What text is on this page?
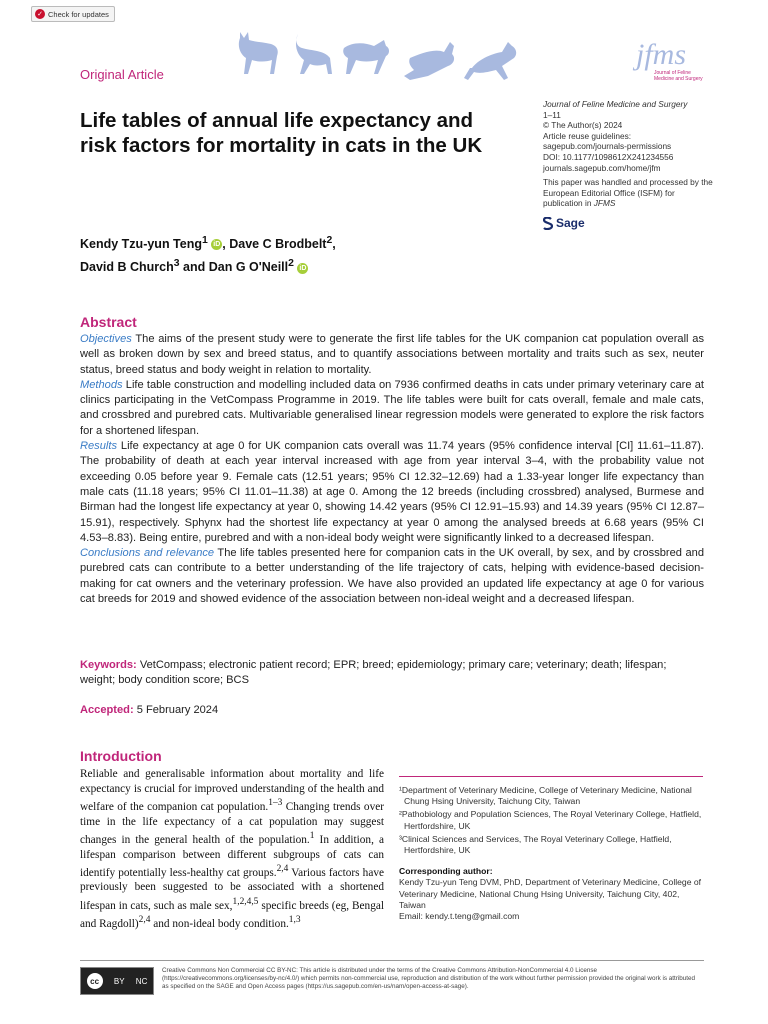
✓ Check for updates
Original Article
jfms
Journal of Feline Medicine and Surgery
Life tables of annual life expectancy and risk factors for mortality in cats in the UK
Journal of Feline Medicine and Surgery
1–11
© The Author(s) 2024
Article reuse guidelines:
sagepub.com/journals-permissions
DOI: 10.1177/1098612X241234556
journals.sagepub.com/home/jfm
This paper was handled and processed by the European Editorial Office (ISFM) for publication in JFMS
Sage
Kendy Tzu-yun Teng$^1$ iD , Dave C Brodbelt$^2$,
David B Church$^3$ and Dan G O'Neill$^2$ iD
Abstract

Objectives The aims of the present study were to generate the first life tables for the UK companion cat population overall as well as broken down by sex and breed status, and to quantify associations between mortality and traits such as sex, neuter status, breed status and body weight in relation to mortality.

Methods Life table construction and modelling included data on 7936 confirmed deaths in cats under primary veterinary care at clinics participating in the VetCompass Programme in 2019. The life tables were built for cats overall, female and male cats, and crossbred and purebred cats. Multivariable generalised linear regression models were generated to explore the risk factors for a shortened lifespan.

Results Life expectancy at age 0 for UK companion cats overall was 11.74 years (95% confidence interval [CI] 11.61–11.87). The probability of death at each year interval increased with age from year interval 3–4, with the probability value not exceeding 0.05 before year 9. Female cats (12.51 years; 95% CI 12.32–12.69) had a 1.33-year longer life expectancy than male cats (11.18 years; 95% CI 11.01–11.38) at age 0. Among the 12 breeds (including crossbred) analysed, Burmese and Birman had the longest life expectancy at year 0, showing 14.42 years (95% CI 12.91–15.93) and 14.39 years (95% CI 12.87–15.91), respectively. Sphynx had the shortest life expectancy at year 0 among the analysed breeds at 6.68 years (95% CI 4.53–8.83). Being entire, purebred and with a non-ideal body weight were significantly linked to a decreased lifespan.

Conclusions and relevance The life tables presented here for companion cats in the UK overall, by sex, and by crossbred and purebred cats can contribute to a better understanding of the life trajectory of cats, helping with evidence-based decision-making for cat owners and the veterinary profession. We have also provided an updated life expectancy at age 0 for various cat breeds for 2019 and showed evidence of the association between non-ideal weight and a decreased lifespan.

Keywords: VetCompass; electronic patient record; EPR; breed; epidemiology; primary care; veterinary; death; lifespan; weight; body condition score; BCS
Accepted: 5 February 2024
Introduction
Reliable and generalisable information about mortality and life expectancy is crucial for improved understanding of the health and welfare of the companion cat population.$^{1-3}$ Changing trends over time in the life expectancy of a cat population may suggest changes in the general health of the population.$^1$ In addition, a lifespan comparison between different subgroups of cats can identify potentially less-healthy cat groups.$^{2,4}$ Various factors have previously been suggested to be associated with a shortened lifespan in cats, such as male sex,$^{1,2,4,5}$ specific breeds (eg, Bengal and Ragdoll)$^{2,4}$ and non-ideal body condition.$^{1,3}$
¹Department of Veterinary Medicine, College of Veterinary Medicine, National Chung Hsing University, Taichung City, Taiwan
²Pathobiology and Population Sciences, The Royal Veterinary College, Hatfield, Hertfordshire, UK
³Clinical Sciences and Services, The Royal Veterinary College, Hatfield, Hertfordshire, UK
Corresponding author:
Kendy Tzu-yun Teng DVM, PhD, Department of Veterinary Medicine, College of Veterinary Medicine, National Chung Hsing University, Taichung City, 402, Taiwan
Email: kendy.t.teng@gmail.com
cc	BY NC
Creative Commons Non Commercial CC BY-NC: This article is distributed under the terms of the Creative Commons Attribution-NonCommercial 4.0 License (https://creativecommons.org/licenses/by-nc/4.0/) which permits non-commercial use, reproduction and distribution of the work without further permission provided the original work is attributed as specified on the SAGE and Open Access pages (https://us.sagepub.com/en-us/nam/open-access-at-sage).
